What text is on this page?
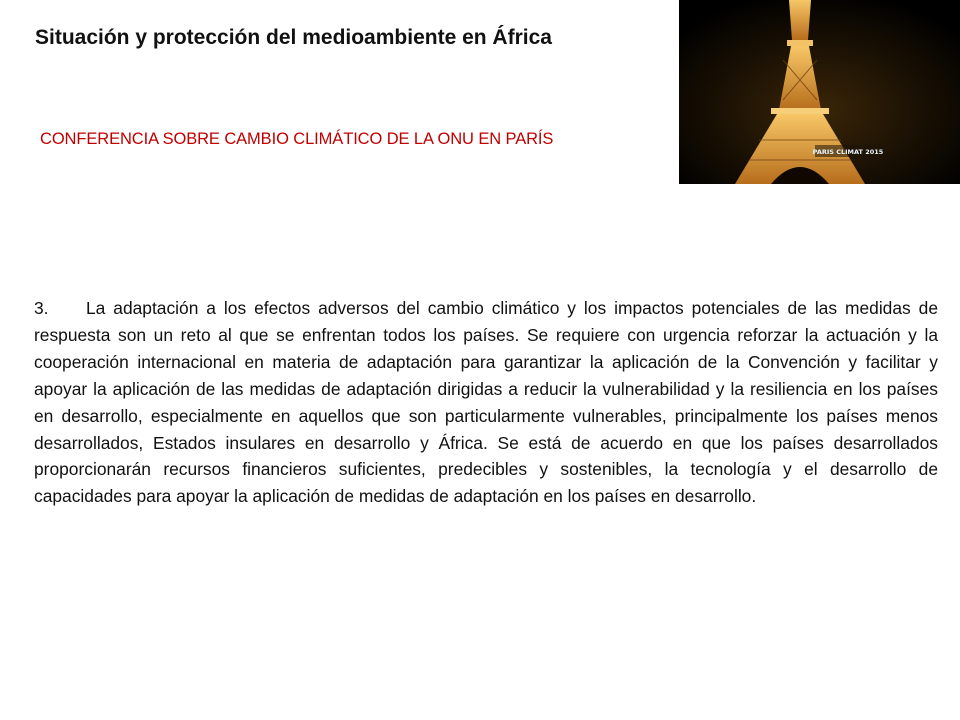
Situación y protección del medioambiente en África
CONFERENCIA SOBRE CAMBIO CLIMÁTICO DE LA ONU EN PARÍS
PARIS CLIMAT 2015
3. La adaptación a los efectos adversos del cambio climático y los impactos potenciales de las medidas de respuesta son un reto al que se enfrentan todos los países. Se requiere con urgencia reforzar la actuación y la cooperación internacional en materia de adaptación para garantizar la aplicación de la Convención y facilitar y apoyar la aplicación de las medidas de adaptación dirigidas a reducir la vulnerabilidad y la resiliencia en los países en desarrollo, especialmente en aquellos que son particularmente vulnerables, principalmente los países menos desarrollados, Estados insulares en desarrollo y África. Se está de acuerdo en que los países desarrollados proporcionarán recursos financieros suficientes, predecibles y sostenibles, la tecnología y el desarrollo de capacidades para apoyar la aplicación de medidas de adaptación en los países en desarrollo.
